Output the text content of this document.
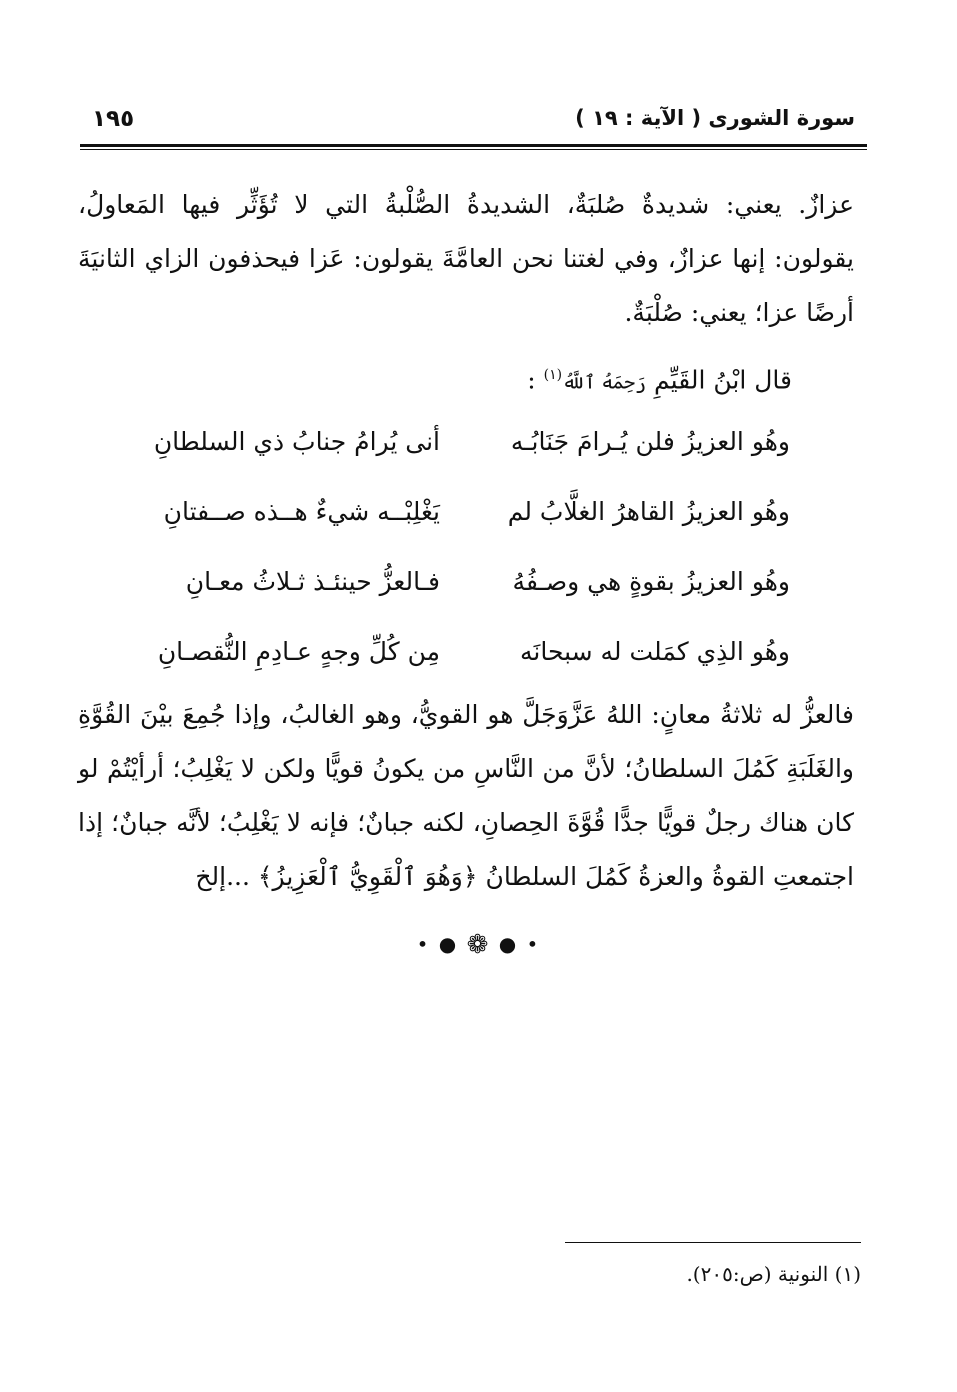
سورة الشورى ( الآية : ١٩ )
١٩٥
عزازٌ. يعني: شديدةٌ صُلبَةٌ، الشديدةُ الصُّلْبةُ التي لا تُؤَثِّر فيها المَعاولُ، يقولون: إنها عزازٌ، وفي لغتنا نحن العامَّةَ يقولون: عَزا فيحذفون الزاي الثانيَةَ أرضًا عزا؛ يعني: صُلْبَةٌ.
قال ابْنُ القَيِّمِ رَحِمَهُ ٱللَّهُ$^{(١)}$ :
وهُو العزيزُ فلن يُـرامَ جَنَابُـه
أنى يُرامُ جنابُ ذي السلطانِ
وهُو العزيزُ القاهرُ الغلَّابُ لم
يَغْلِبْــه شيءٌ هــذه صــفتانِ
وهُو العزيزُ بقوةٍ هي وصـفُهُ
فـالعزُّ حينئـذ ثـلاثُ معـانِ
وهُو الذِي كمَلت له سبحانَه
مِن كُلِّ وجهٍ عـادِمِ النُّقصـانِ
فالعزُّ له ثلاثةُ معانٍ: اللهُ عَزَّوَجَلَّ هو القويُّ، وهو الغالبُ، وإذا جُمِعَ بيْنَ القُوَّةِ والغَلَبَةِ كَمُلَ السلطانُ؛ لأنَّ من النَّاسِ من يكونُ قويًّا ولكن لا يَغْلِبُ؛ أرأيْتُمْ لو كان هناك رجلٌ قويًّا جدًّا قُوَّةَ الحِصانِ، لكنه جبانٌ؛ فإنه لا يَغْلِبُ؛ لأنَّه جبانٌ؛ إذا اجتمعتِ القوةُ والعزةُ كَمُلَ السلطانُ ﴿وَهُوَ ٱلْقَوِيُّ ٱلْعَزِيزُ﴾ ...إلخ
• ● ❁ ● •
(١) النونية (ص:٢٠٥).
